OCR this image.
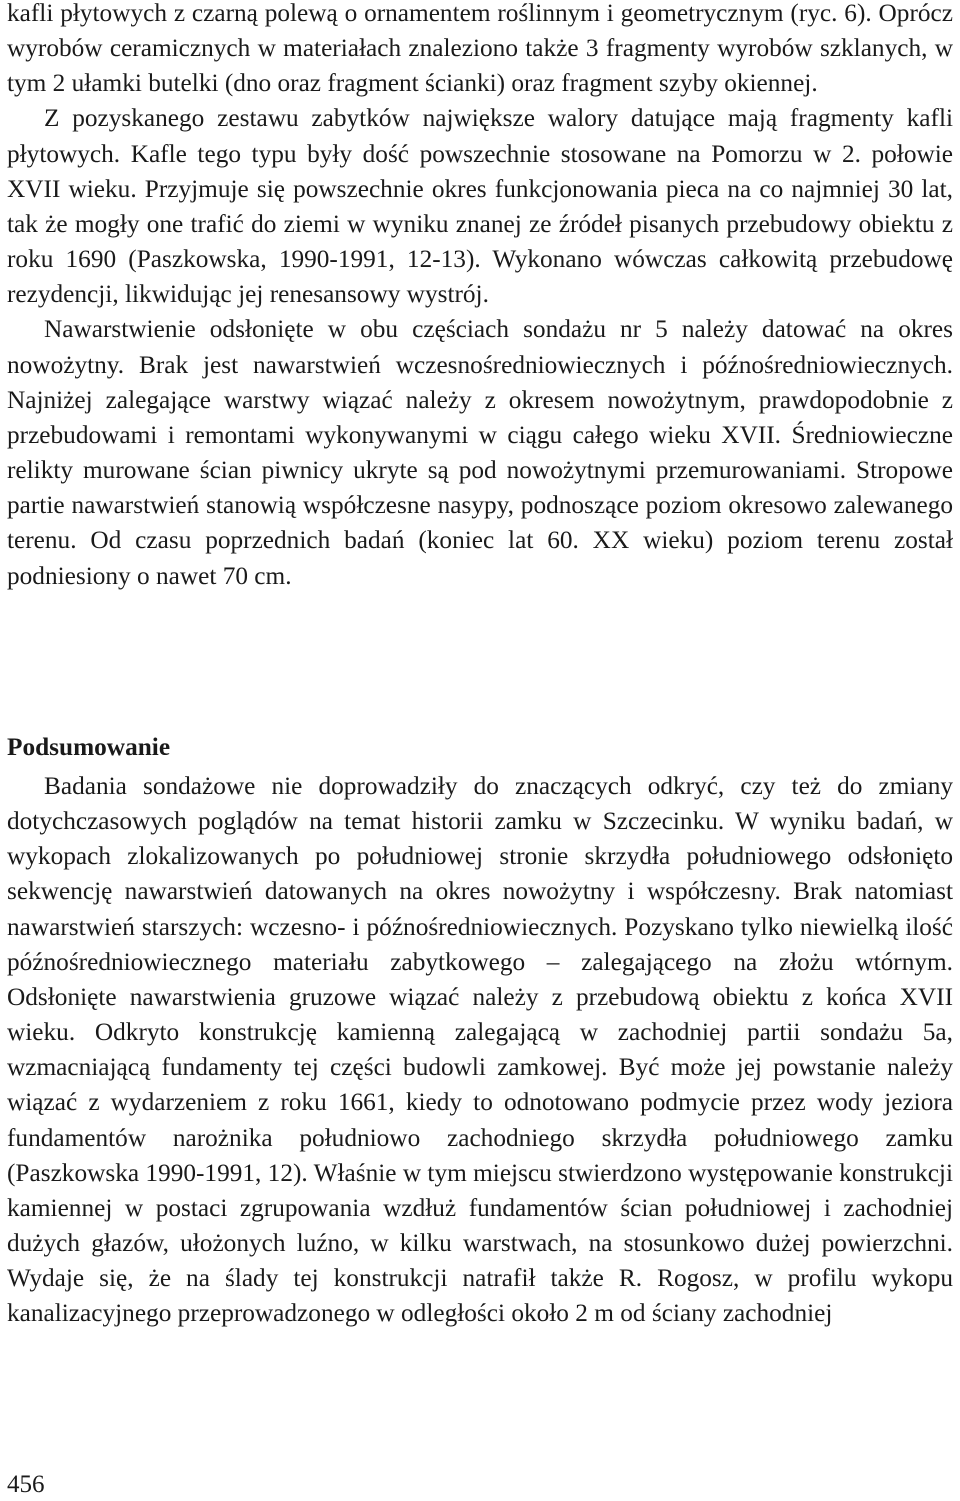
kafli płytowych z czarną polewą o ornamentem roślinnym i geometrycznym (ryc. 6). Oprócz wyrobów ceramicznych w materiałach znaleziono także 3 fragmenty wyrobów szklanych, w tym 2 ułamki butelki (dno oraz fragment ścianki) oraz fragment szyby okiennej.

Z pozyskanego zestawu zabytków największe walory datujące mają fragmenty kafli płytowych. Kafle tego typu były dość powszechnie stosowane na Pomorzu w 2. połowie XVII wieku. Przyjmuje się powszechnie okres funkcjonowania pieca na co najmniej 30 lat, tak że mogły one trafić do ziemi w wyniku znanej ze źródeł pisanych przebudowy obiektu z roku 1690 (Paszkowska, 1990-1991, 12-13). Wykonano wówczas całkowitą przebudowę rezydencji, likwidując jej renesansowy wystrój.

Nawarstwienie odsłonięte w obu częściach sondażu nr 5 należy datować na okres nowożytny. Brak jest nawarstwień wczesnośredniowiecznych i późnośredniowiecznych. Najniżej zalegające warstwy wiązać należy z okresem nowożytnym, prawdopodobnie z przebudowami i remontami wykonywanymi w ciągu całego wieku XVII. Średniowieczne relikty murowane ścian piwnicy ukryte są pod nowożytnymi przemurowaniami. Stropowe partie nawarstwień stanowią współczesne nasypy, podnoszące poziom okresowo zalewanego terenu. Od czasu poprzednich badań (koniec lat 60. XX wieku) poziom terenu został podniesiony o nawet 70 cm.

Podsumowanie

Badania sondażowe nie doprowadziły do znaczących odkryć, czy też do zmiany dotychczasowych poglądów na temat historii zamku w Szczecinku. W wyniku badań, w wykopach zlokalizowanych po południowej stronie skrzydła południowego odsłonięto sekwencję nawarstwień datowanych na okres nowożytny i współczesny. Brak natomiast nawarstwień starszych: wczesno- i późnośredniowiecznych. Pozyskano tylko niewielką ilość późnośredniowiecznego materiału zabytkowego – zalegającego na złożu wtórnym. Odsłonięte nawarstwienia gruzowe wiązać należy z przebudową obiektu z końca XVII wieku. Odkryto konstrukcję kamienną zalegającą w zachodniej partii sondażu 5a, wzmacniającą fundamenty tej części budowli zamkowej. Być może jej powstanie należy wiązać z wydarzeniem z roku 1661, kiedy to odnotowano podmycie przez wody jeziora fundamentów narożnika południowo zachodniego skrzydła południowego zamku (Paszkowska 1990-1991, 12). Właśnie w tym miejscu stwierdzono występowanie konstrukcji kamiennej w postaci zgrupowania wzdłuż fundamentów ścian południowej i zachodniej dużych głazów, ułożonych luźno, w kilku warstwach, na stosunkowo dużej powierzchni. Wydaje się, że na ślady tej konstrukcji natrafił także R. Rogosz, w profilu wykopu kanalizacyjnego przeprowadzonego w odległości około 2 m od ściany zachodniej

456
